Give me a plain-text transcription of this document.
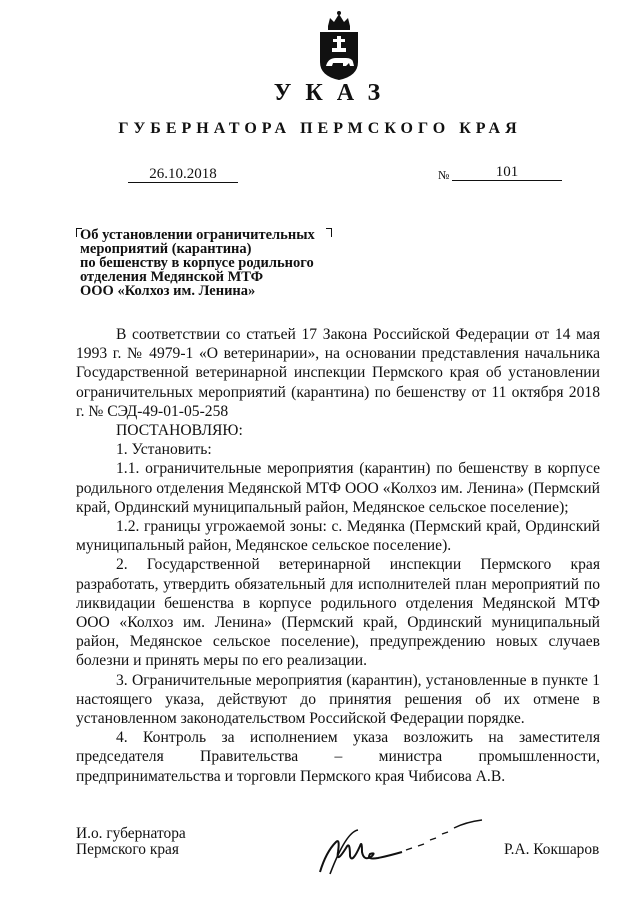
УКАЗ
ГУБЕРНАТОРА ПЕРМСКОГО КРАЯ
26.10.2018	№	101
Об установлении ограничительных
мероприятий (карантина)
по бешенству в корпусе родильного
отделения Медянской МТФ
ООО «Колхоз им. Ленина»

В соответствии со статьей 17 Закона Российской Федерации от 14 мая 1993 г. № 4979-1 «О ветеринарии», на основании представления начальника Государственной ветеринарной инспекции Пермского края об установлении ограничительных мероприятий (карантина) по бешенству от 11 октября 2018 г. № СЭД-49-01-05-258

ПОСТАНОВЛЯЮ:

1. Установить:

1.1. ограничительные мероприятия (карантин) по бешенству в корпусе родильного отделения Медянской МТФ ООО «Колхоз им. Ленина» (Пермский край, Ординский муниципальный район, Медянское сельское поселение);

1.2. границы угрожаемой зоны: с. Медянка (Пермский край, Ординский муниципальный район, Медянское сельское поселение).

2. Государственной ветеринарной инспекции Пермского края разработать, утвердить обязательный для исполнителей план мероприятий по ликвидации бешенства в корпусе родильного отделения Медянской МТФ ООО «Колхоз им. Ленина» (Пермский край, Ординский муниципальный район, Медянское сельское поселение), предупреждению новых случаев болезни и принять меры по его реализации.

3. Ограничительные мероприятия (карантин), установленные в пункте 1 настоящего указа, действуют до принятия решения об их отмене в установленном законодательством Российской Федерации порядке.

4. Контроль за исполнением указа возложить на заместителя председателя Правительства – министра промышленности, предпринимательства и торговли Пермского края Чибисова А.В.

И.о. губернатора
Пермского края	Р.А. Кокшаров
